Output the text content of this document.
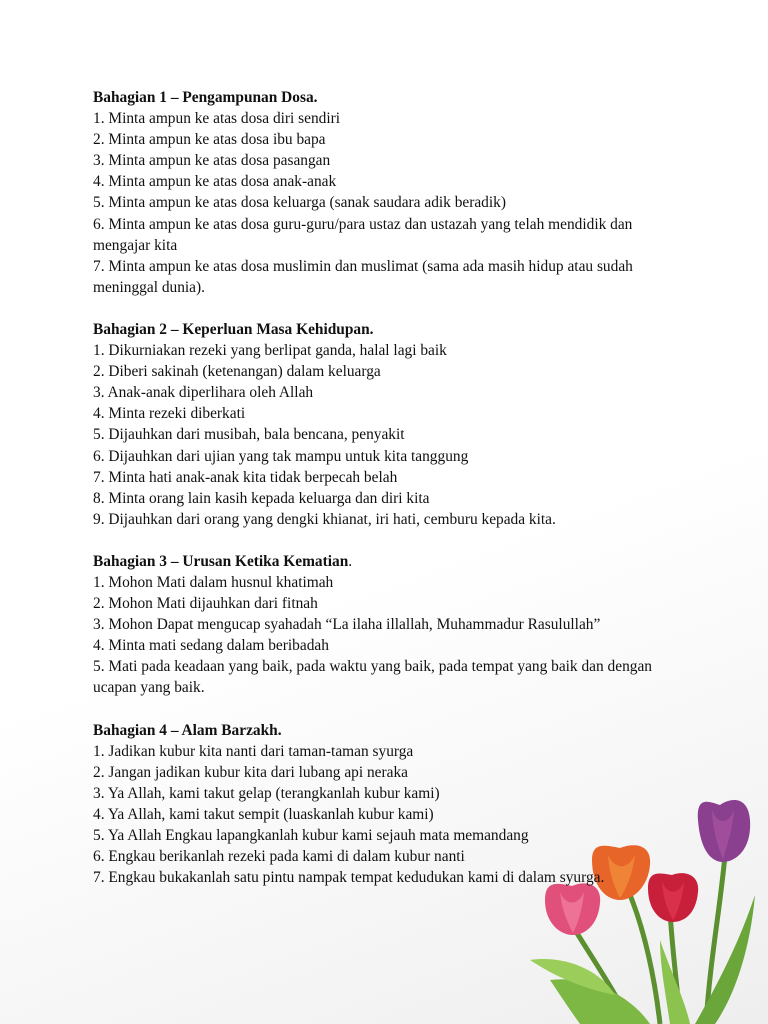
Bahagian 1 – Pengampunan Dosa.
1. Minta ampun ke atas dosa diri sendiri
2. Minta ampun ke atas dosa ibu bapa
3. Minta ampun ke atas dosa pasangan
4. Minta ampun ke atas dosa anak-anak
5. Minta ampun ke atas dosa keluarga (sanak saudara adik beradik)
6. Minta ampun ke atas dosa guru-guru/para ustaz dan ustazah yang telah mendidik dan mengajar kita
7. Minta ampun ke atas dosa muslimin dan muslimat (sama ada masih hidup atau sudah meninggal dunia).
Bahagian 2 – Keperluan Masa Kehidupan.
1. Dikurniakan rezeki yang berlipat ganda, halal lagi baik
2. Diberi sakinah (ketenangan) dalam keluarga
3. Anak-anak diperlihara oleh Allah
4. Minta rezeki diberkati
5. Dijauhkan dari musibah, bala bencana, penyakit
6. Dijauhkan dari ujian yang tak mampu untuk kita tanggung
7. Minta hati anak-anak kita tidak berpecah belah
8. Minta orang lain kasih kepada keluarga dan diri kita
9. Dijauhkan dari orang yang dengki khianat, iri hati, cemburu kepada kita.
Bahagian 3 – Urusan Ketika Kematian.
1. Mohon Mati dalam husnul khatimah
2. Mohon Mati dijauhkan dari fitnah
3. Mohon Dapat mengucap syahadah “La ilaha illallah, Muhammadur Rasulullah”
4. Minta mati sedang dalam beribadah
5. Mati pada keadaan yang baik, pada waktu yang baik, pada tempat yang baik dan dengan ucapan yang baik.
Bahagian 4 – Alam Barzakh.
1. Jadikan kubur kita nanti dari taman-taman syurga
2. Jangan jadikan kubur kita dari lubang api neraka
3. Ya Allah, kami takut gelap (terangkanlah kubur kami)
4. Ya Allah, kami takut sempit (luaskanlah kubur kami)
5. Ya Allah Engkau lapangkanlah kubur kami sejauh mata memandang
6. Engkau berikanlah rezeki pada kami di dalam kubur nanti
7. Engkau bukakanlah satu pintu nampak tempat kedudukan kami di dalam syurga.
